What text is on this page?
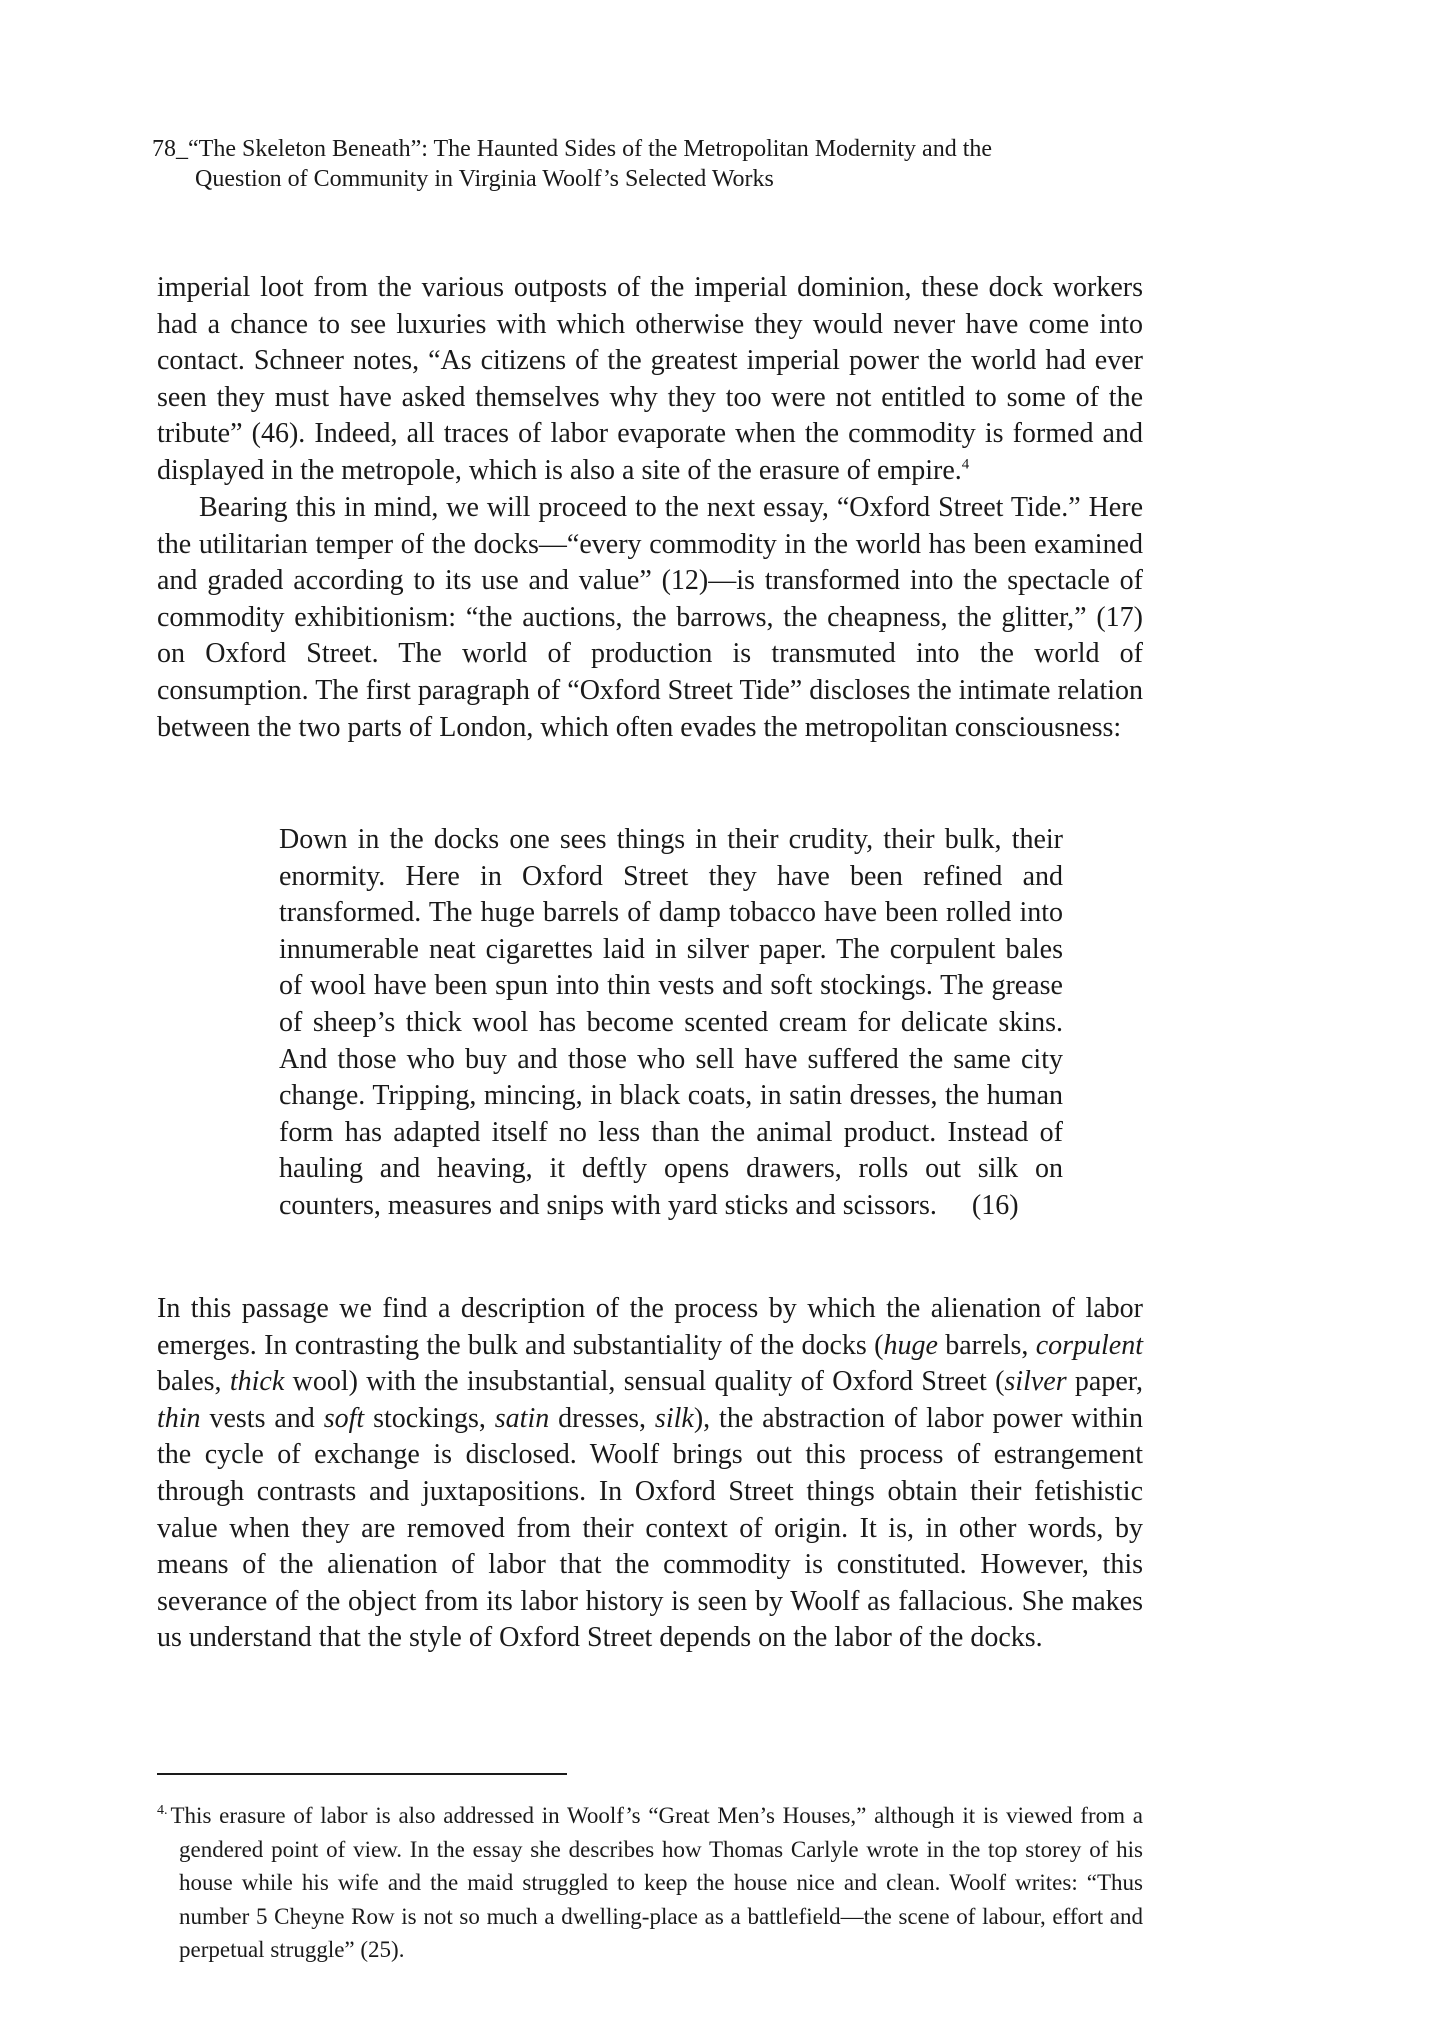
78_“The Skeleton Beneath”: The Haunted Sides of the Metropolitan Modernity and the
Question of Community in Virginia Woolf’s Selected Works

imperial loot from the various outposts of the imperial dominion, these dock workers had a chance to see luxuries with which otherwise they would never have come into contact. Schneer notes, “As citizens of the greatest imperial power the world had ever seen they must have asked themselves why they too were not entitled to some of the tribute” (46). Indeed, all traces of labor evaporate when the commodity is formed and displayed in the metropole, which is also a site of the erasure of empire.$^4$

Bearing this in mind, we will proceed to the next essay, “Oxford Street Tide.” Here the utilitarian temper of the docks—“every commodity in the world has been examined and graded according to its use and value” (12)—is transformed into the spectacle of commodity exhibitionism: “the auctions, the barrows, the cheapness, the glitter,” (17) on Oxford Street. The world of production is transmuted into the world of consumption. The first paragraph of “Oxford Street Tide” discloses the intimate relation between the two parts of London, which often evades the metropolitan consciousness:

Down in the docks one sees things in their crudity, their bulk, their enormity. Here in Oxford Street they have been refined and transformed. The huge barrels of damp tobacco have been rolled into innumerable neat cigarettes laid in silver paper. The corpulent bales of wool have been spun into thin vests and soft stockings. The grease of sheep’s thick wool has become scented cream for delicate skins. And those who buy and those who sell have suffered the same city change. Tripping, mincing, in black coats, in satin dresses, the human form has adapted itself no less than the animal product. Instead of hauling and heaving, it deftly opens drawers, rolls out silk on counters, measures and snips with yard sticks and scissors. (16)

In this passage we find a description of the process by which the alienation of labor emerges. In contrasting the bulk and substantiality of the docks (huge barrels, corpulent bales, thick wool) with the insubstantial, sensual quality of Oxford Street (silver paper, thin vests and soft stockings, satin dresses, silk), the abstraction of labor power within the cycle of exchange is disclosed. Woolf brings out this process of estrangement through contrasts and juxtapositions. In Oxford Street things obtain their fetishistic value when they are removed from their context of origin. It is, in other words, by means of the alienation of labor that the commodity is constituted. However, this severance of the object from its labor history is seen by Woolf as fallacious. She makes us understand that the style of Oxford Street depends on the labor of the docks.

$^{4.}$ This erasure of labor is also addressed in Woolf’s “Great Men’s Houses,” although it is viewed from a gendered point of view. In the essay she describes how Thomas Carlyle wrote in the top storey of his house while his wife and the maid struggled to keep the house nice and clean. Woolf writes: “Thus number 5 Cheyne Row is not so much a dwelling-place as a battlefield—the scene of labour, effort and perpetual struggle” (25).
